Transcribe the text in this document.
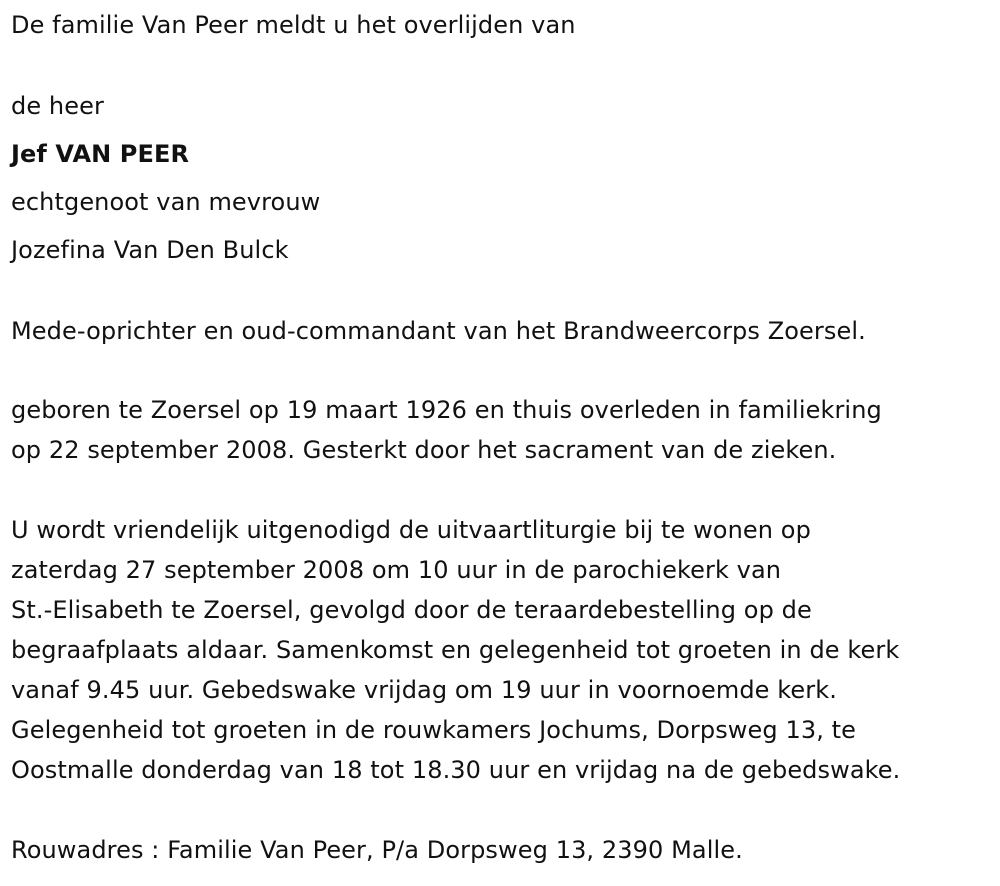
De familie Van Peer meldt u het overlijden van
de heer
Jef VAN PEER
echtgenoot van mevrouw
Jozefina Van Den Bulck
Mede-oprichter en oud-commandant van het Brandweercorps Zoersel.
geboren te Zoersel op 19 maart 1926 en thuis overleden in familiekring
op 22 september 2008. Gesterkt door het sacrament van de zieken.
U wordt vriendelijk uitgenodigd de uitvaartliturgie bij te wonen op
zaterdag 27 september 2008 om 10 uur in de parochiekerk van
St.-Elisabeth te Zoersel, gevolgd door de teraardebestelling op de
begraafplaats aldaar. Samenkomst en gelegenheid tot groeten in de kerk
vanaf 9.45 uur. Gebedswake vrijdag om 19 uur in voornoemde kerk.
Gelegenheid tot groeten in de rouwkamers Jochums, Dorpsweg 13, te
Oostmalle donderdag van 18 tot 18.30 uur en vrijdag na de gebedswake.
Rouwadres : Familie Van Peer, P/a Dorpsweg 13, 2390 Malle.
